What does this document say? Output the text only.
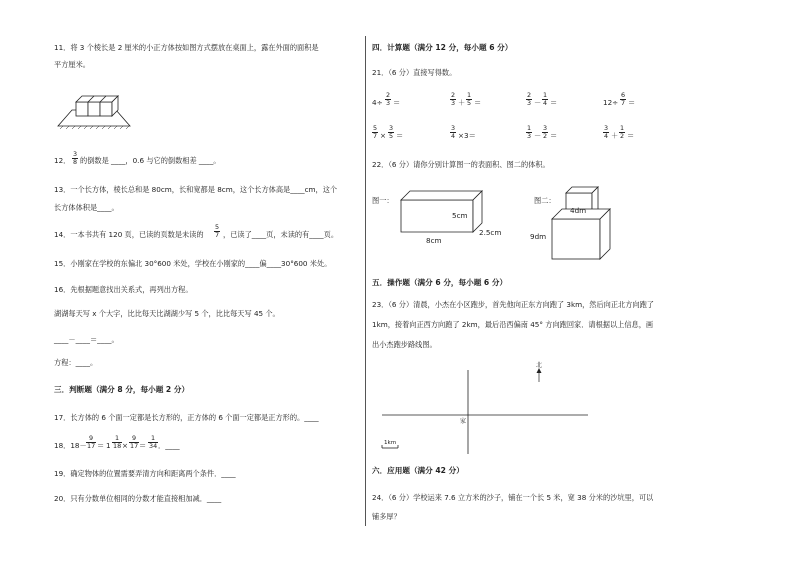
11．将 3 个棱长是 2 厘米的小正方体按如图方式摆放在桌面上，露在外面的面积是
平方厘米。
12． $\frac{3}{8}$ 的倒数是 ____，0.6 与它的倒数相差 ____。
13．一个长方体，棱长总和是 80cm，长和宽都是 8cm，这个长方体高是____cm，这个
长方体体积是____。
14．一本书共有 120 页，已读的页数是未读的 $\frac{5}{7}$ ，已读了____页，未读的有____页。
15．小刚家在学校的东偏北 30°600 米处，学校在小刚家的____偏____30°600 米处。
16．先根据题意找出关系式，再列出方程。
湖湖每天写 x 个大字，比比每天比湖湖少写 5 个，比比每天写 45 个。
____－____＝____。
方程：____。
三．判断题（满分 8 分，每小题 2 分）
17．长方体的 6 个面一定都是长方形的，正方体的 6 个面一定都是正方形的。____
18．$18- \frac{9}{17} = 1 \frac{1}{18} \times \frac{9}{17} = \frac{1}{34}$ ．____
19．确定物体的位置需要弄清方向和距离两个条件．____
20．只有分数单位相同的分数才能直接相加减．____
四．计算题（满分 12 分，每小题 6 分）
21．（6 分）直接写得数。
$4\div \frac{2}{3}$ ＝	$\frac{2}{3} + \frac{1}{5}$ ＝	$\frac{2}{3} - \frac{1}{4}$ ＝	$12\div \frac{6}{7}$ ＝
$\frac{5}{7} \times \frac{3}{5}$ ＝	$\frac{3}{4} \times 3=$	$\frac{1}{3} - \frac{3}{2}$ ＝	$\frac{3}{4} + \frac{1}{2}$ ＝
22．（6 分）请你分别计算图一的表面积、图二的体积。
图一：
5cm
2.5cm
8cm
图二：
4dm
9dm
五．操作题（满分 6 分，每小题 6 分）
23．（6 分）清晨，小杰在小区跑步，首先他向正东方向跑了 3km，然后向正北方向跑了
1km，接着向正西方向跑了 2km，最后沿西偏南 45° 方向跑回家．请根据以上信息，画
出小杰跑步路线图。
北
家
1km
六．应用题（满分 42 分）
24．（6 分）学校运来 7.6 立方米的沙子，铺在一个长 5 米，宽 38 分米的沙坑里，可以
铺多厚？
